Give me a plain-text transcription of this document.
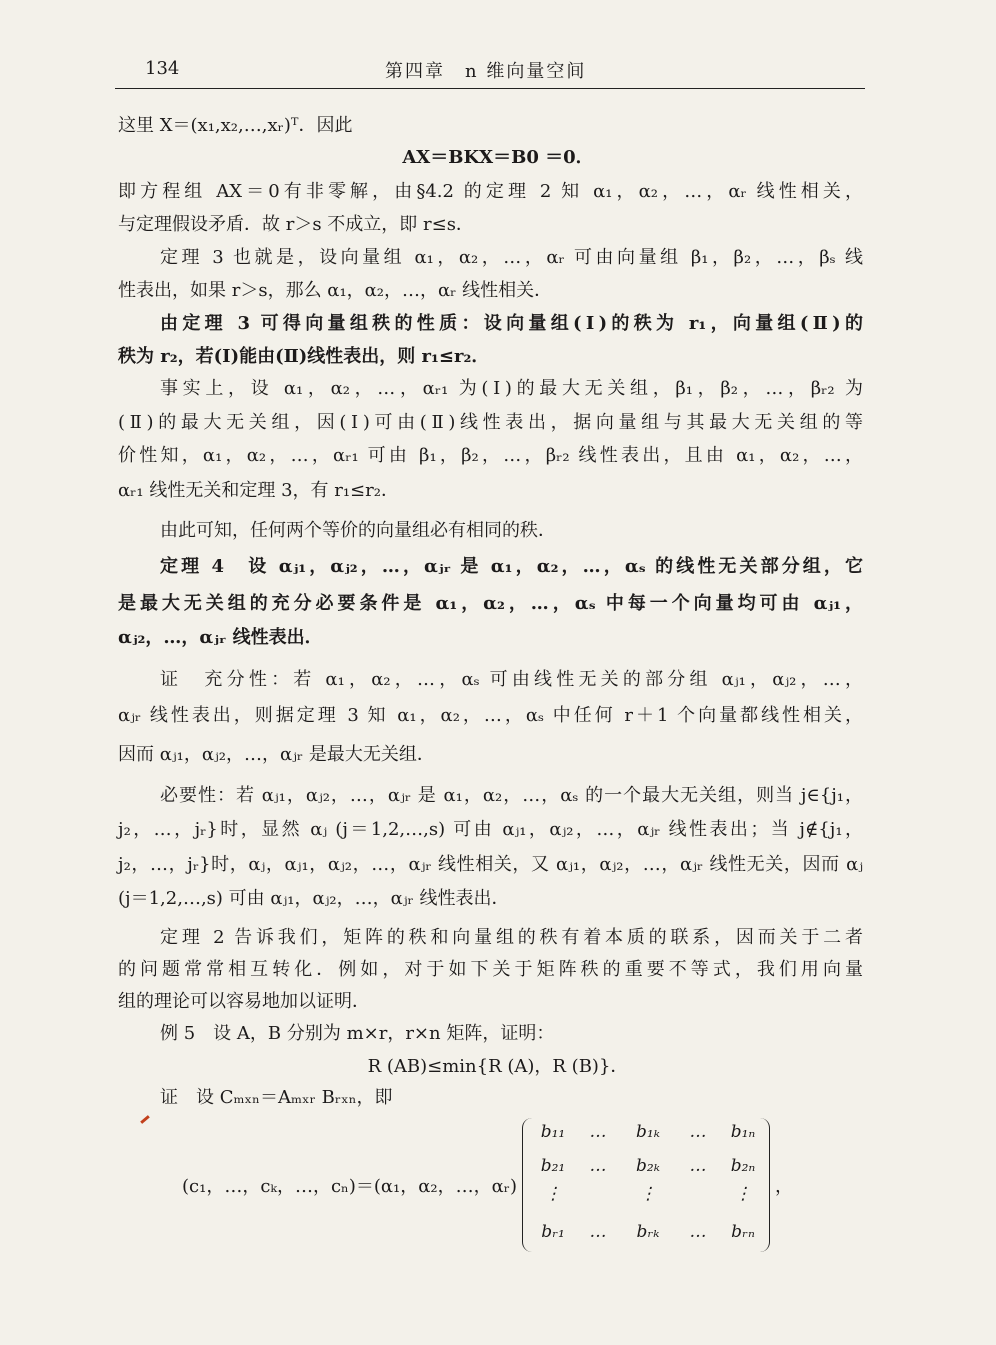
134	第四章　n 维向量空间
这里 X＝(x₁,x₂,…,xᵣ)ᵀ．因此
AX＝BKX＝B0 ＝0．
即方程组 AX＝0有非零解，由§4.2 的定理 2 知 α₁，α₂，…，αᵣ 线性相关，
与定理假设矛盾．故 r＞s 不成立，即 r≤s．
定理 3 也就是，设向量组 α₁，α₂，…，αᵣ 可由向量组 β₁，β₂，…，βₛ 线
性表出，如果 r＞s，那么 α₁，α₂，…，αᵣ 线性相关．
由定理 3 可得向量组秩的性质：设向量组(Ⅰ)的秩为 r₁，向量组(Ⅱ)的
秩为 r₂，若(Ⅰ)能由(Ⅱ)线性表出，则 r₁≤r₂．
事实上，设 α₁，α₂，…，αᵣ₁ 为(Ⅰ)的最大无关组，β₁，β₂，…，βᵣ₂ 为
(Ⅱ)的最大无关组，因(Ⅰ)可由(Ⅱ)线性表出，据向量组与其最大无关组的等
价性知，α₁，α₂，…，αᵣ₁ 可由 β₁，β₂，…，βᵣ₂ 线性表出，且由 α₁，α₂，…，
αᵣ₁ 线性无关和定理 3，有 r₁≤r₂．
由此可知，任何两个等价的向量组必有相同的秩．
定理 4　设 αⱼ₁，αⱼ₂，…，αⱼᵣ 是 α₁，α₂，…，αₛ 的线性无关部分组，它
是最大无关组的充分必要条件是 α₁，α₂，…，αₛ 中每一个向量均可由 αⱼ₁，
αⱼ₂，…，αⱼᵣ 线性表出．
证　充分性：若 α₁，α₂，…，αₛ 可由线性无关的部分组 αⱼ₁，αⱼ₂，…，
αⱼᵣ 线性表出，则据定理 3 知 α₁，α₂，…，αₛ 中任何 r＋1 个向量都线性相关，
因而 αⱼ₁，αⱼ₂，…，αⱼᵣ 是最大无关组．
必要性：若 αⱼ₁，αⱼ₂，…，αⱼᵣ 是 α₁，α₂，…，αₛ 的一个最大无关组，则当 j∈{j₁，
j₂，…，jᵣ}时，显然 αⱼ (j＝1,2,…,s) 可由 αⱼ₁，αⱼ₂，…，αⱼᵣ 线性表出；当 j∉{j₁，
j₂，…，jᵣ}时，αⱼ，αⱼ₁，αⱼ₂，…，αⱼᵣ 线性相关，又 αⱼ₁，αⱼ₂，…，αⱼᵣ 线性无关，因而 αⱼ
(j＝1,2,…,s) 可由 αⱼ₁，αⱼ₂，…，αⱼᵣ 线性表出．
定理 2 告诉我们，矩阵的秩和向量组的秩有着本质的联系，因而关于二者
的问题常常相互转化．例如，对于如下关于矩阵秩的重要不等式，我们用向量
组的理论可以容易地加以证明．
例 5　设 A，B 分别为 m×r，r×n 矩阵，证明：
R (AB)≤min{R (A)，R (B)}．
证　设 Cₘₓₙ＝Aₘₓᵣ Bᵣₓₙ，即
(c₁，…，cₖ，…，cₙ)＝(α₁，α₂，…，αᵣ)
b₁₁	…	b₁ₖ	…	b₁ₙ
b₂₁	…	b₂ₖ	…	b₂ₙ
⋮	⋮	⋮
bᵣ₁	…	bᵣₖ	…	bᵣₙ
，
